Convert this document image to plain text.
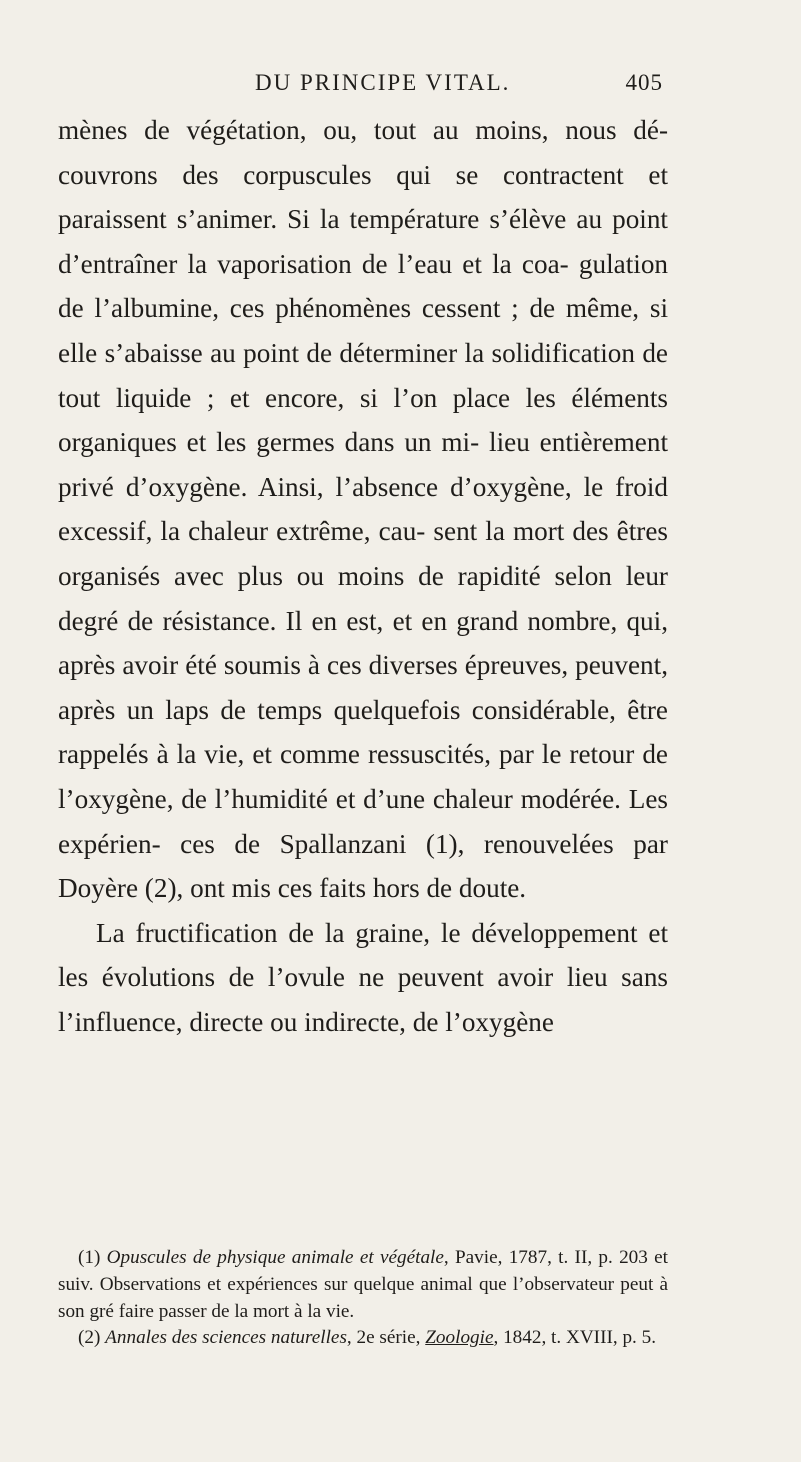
DU PRINCIPE VITAL.	405

mènes de végétation, ou, tout au moins, nous dé- couvrons des corpuscules qui se contractent et paraissent s’animer. Si la température s’élève au point d’entraîner la vaporisation de l’eau et la coa- gulation de l’albumine, ces phénomènes cessent ; de même, si elle s’abaisse au point de déterminer la solidification de tout liquide ; et encore, si l’on place les éléments organiques et les germes dans un mi- lieu entièrement privé d’oxygène. Ainsi, l’absence d’oxygène, le froid excessif, la chaleur extrême, cau- sent la mort des êtres organisés avec plus ou moins de rapidité selon leur degré de résistance. Il en est, et en grand nombre, qui, après avoir été soumis à ces diverses épreuves, peuvent, après un laps de temps quelquefois considérable, être rappelés à la vie, et comme ressuscités, par le retour de l’oxygène, de l’humidité et d’une chaleur modérée. Les expérien- ces de Spallanzani (1), renouvelées par Doyère (2), ont mis ces faits hors de doute.

La fructification de la graine, le développement et les évolutions de l’ovule ne peuvent avoir lieu sans l’influence, directe ou indirecte, de l’oxygène

(1) Opuscules de physique animale et végétale, Pavie, 1787, t. II, p. 203 et suiv. Observations et expériences sur quelque animal que l’observateur peut à son gré faire passer de la mort à la vie.

(2) Annales des sciences naturelles, 2e série, Zoologie, 1842, t. XVIII, p. 5.
